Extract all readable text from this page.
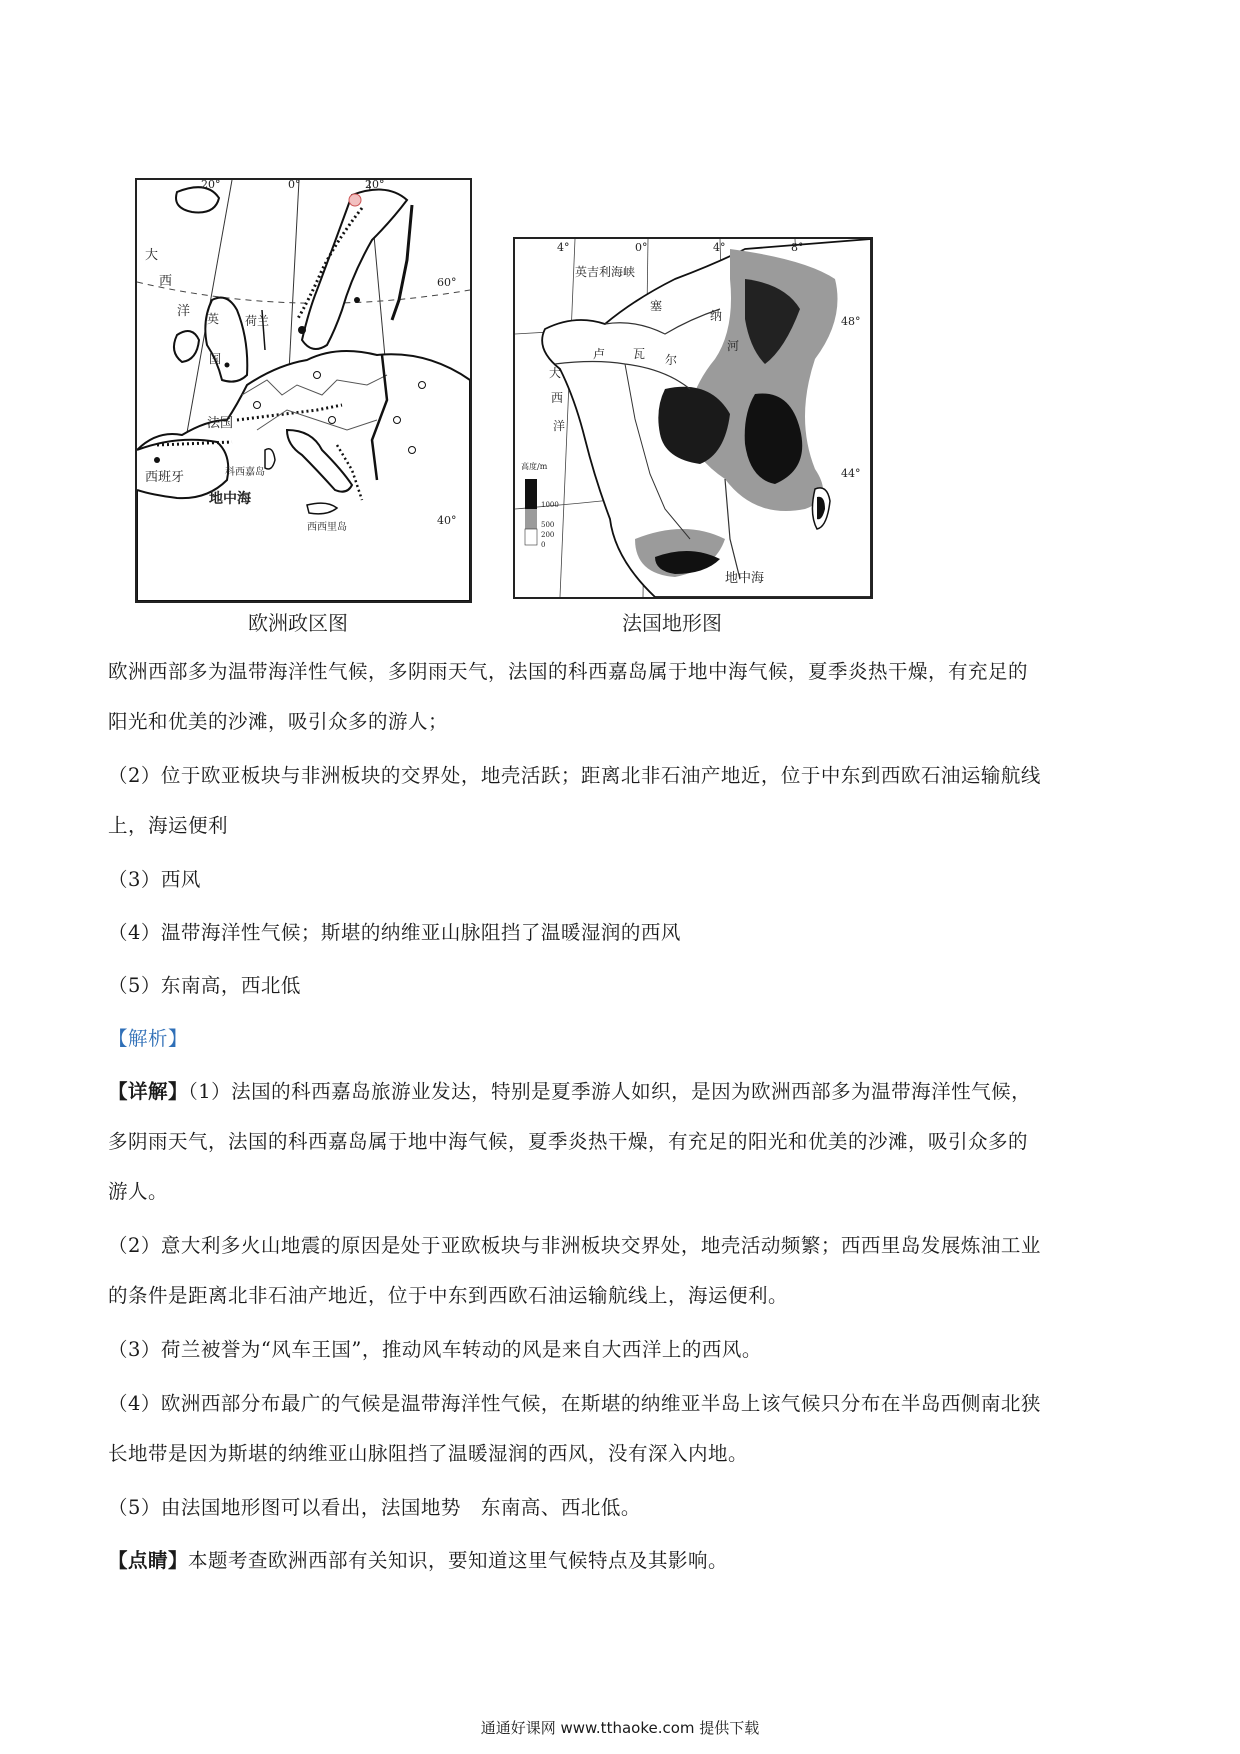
20°	0°	20°
60°
40°
大
西
洋 英
国
荷兰
法国
西班牙	科西嘉岛
地中海
西西里岛
欧洲政区图
4°	0°	4°	8°
48°
44°
英吉利海峡
塞
纳
河
卢 瓦 尔
大
西
洋
地中海
高度/m
1000
500
200
0
法国地形图
欧洲西部多为温带海洋性气候，多阴雨天气，法国的科西嘉岛属于地中海气候，夏季炎热干燥，有充足的
阳光和优美的沙滩，吸引众多的游人；
（2）位于欧亚板块与非洲板块的交界处，地壳活跃；距离北非石油产地近，位于中东到西欧石油运输航线
上，海运便利
（3）西风
（4）温带海洋性气候；斯堪的纳维亚山脉阻挡了温暖湿润的西风
（5）东南高，西北低
【解析】
【详解】（1）法国的科西嘉岛旅游业发达，特别是夏季游人如织，是因为欧洲西部多为温带海洋性气候，
多阴雨天气，法国的科西嘉岛属于地中海气候，夏季炎热干燥，有充足的阳光和优美的沙滩，吸引众多的
游人。
（2）意大利多火山地震的原因是处于亚欧板块与非洲板块交界处，地壳活动频繁；西西里岛发展炼油工业
的条件是距离北非石油产地近，位于中东到西欧石油运输航线上，海运便利。
（3）荷兰被誉为“风车王国”，推动风车转动的风是来自大西洋上的西风。
（4）欧洲西部分布最广的气候是温带海洋性气候，在斯堪的纳维亚半岛上该气候只分布在半岛西侧南北狭
长地带是因为斯堪的纳维亚山脉阻挡了温暖湿润的西风，没有深入内地。
（5）由法国地形图可以看出，法国地势　东南高、西北低。
【点睛】本题考查欧洲西部有关知识，要知道这里气候特点及其影响。
通通好课网 www.tthaoke.com 提供下载
